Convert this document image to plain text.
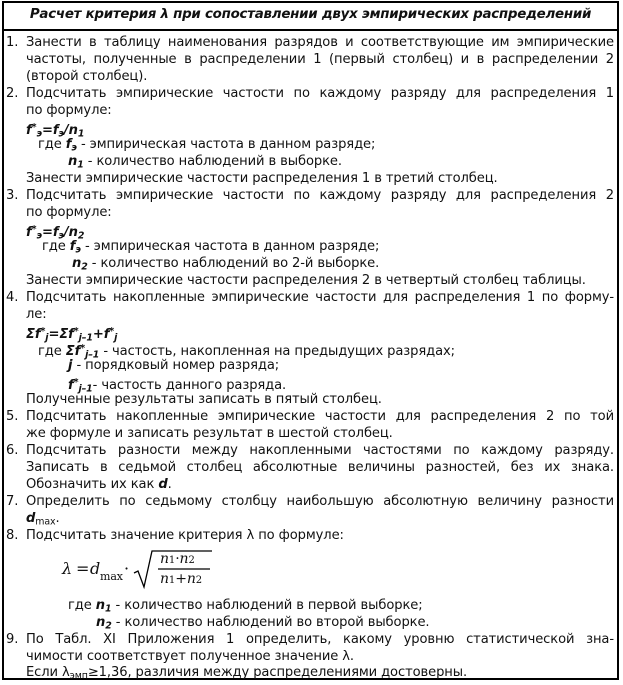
Расчет критерия λ при сопоставлении двух эмпирических распределений
1. Занести в таблицу наименования разрядов и соответствующие им эмпирические
частоты, полученные в распределении 1 (первый столбец) и в распределении 2
(второй столбец).
2. Подсчитать эмпирические частости по каждому разряду для распределения 1
по формуле:
f*э=fэ/n1
где fэ - эмпирическая частота в данном разряде;
n1 - количество наблюдений в выборке.
Занести эмпирические частости распределения 1 в третий столбец.
3. Подсчитать эмпирические частости по каждому разряду для распределения 2
по формуле:
f*э=fэ/n2
где fэ - эмпирическая частота в данном разряде;
n2 - количество наблюдений во 2-й выборке.
Занести эмпирические частости распределения 2 в четвертый столбец таблицы.
4. Подсчитать накопленные эмпирические частости для распределения 1 по форму-
ле:
Σf*j=Σf*j–1+f*j
где Σf*j–1 - частость, накопленная на предыдущих разрядах;
j - порядковый номер разряда;
f*j–1- частость данного разряда.
Полученные результаты записать в пятый столбец.
5. Подсчитать накопленные эмпирические частости для распределения 2 по той
же формуле и записать результат в шестой столбец.
6. Подсчитать разности между накопленными частостями по каждому разряду.
Записать в седьмой столбец абсолютные величины разностей, без их знака.
Обозначить их как d.
7. Определить по седьмому столбцу наибольшую абсолютную величину разности
dmax.
8. Подсчитать значение критерия λ по формуле:
λ = d max · n1·n2
n1+n2
где n1 - количество наблюдений в первой выборке;
n2 - количество наблюдений во второй выборке.
9. По Табл. XI Приложения 1 определить, какому уровню статистической зна-
чимости соответствует полученное значение λ.
Если λэмп≥1,36, различия между распределениями достоверны.
